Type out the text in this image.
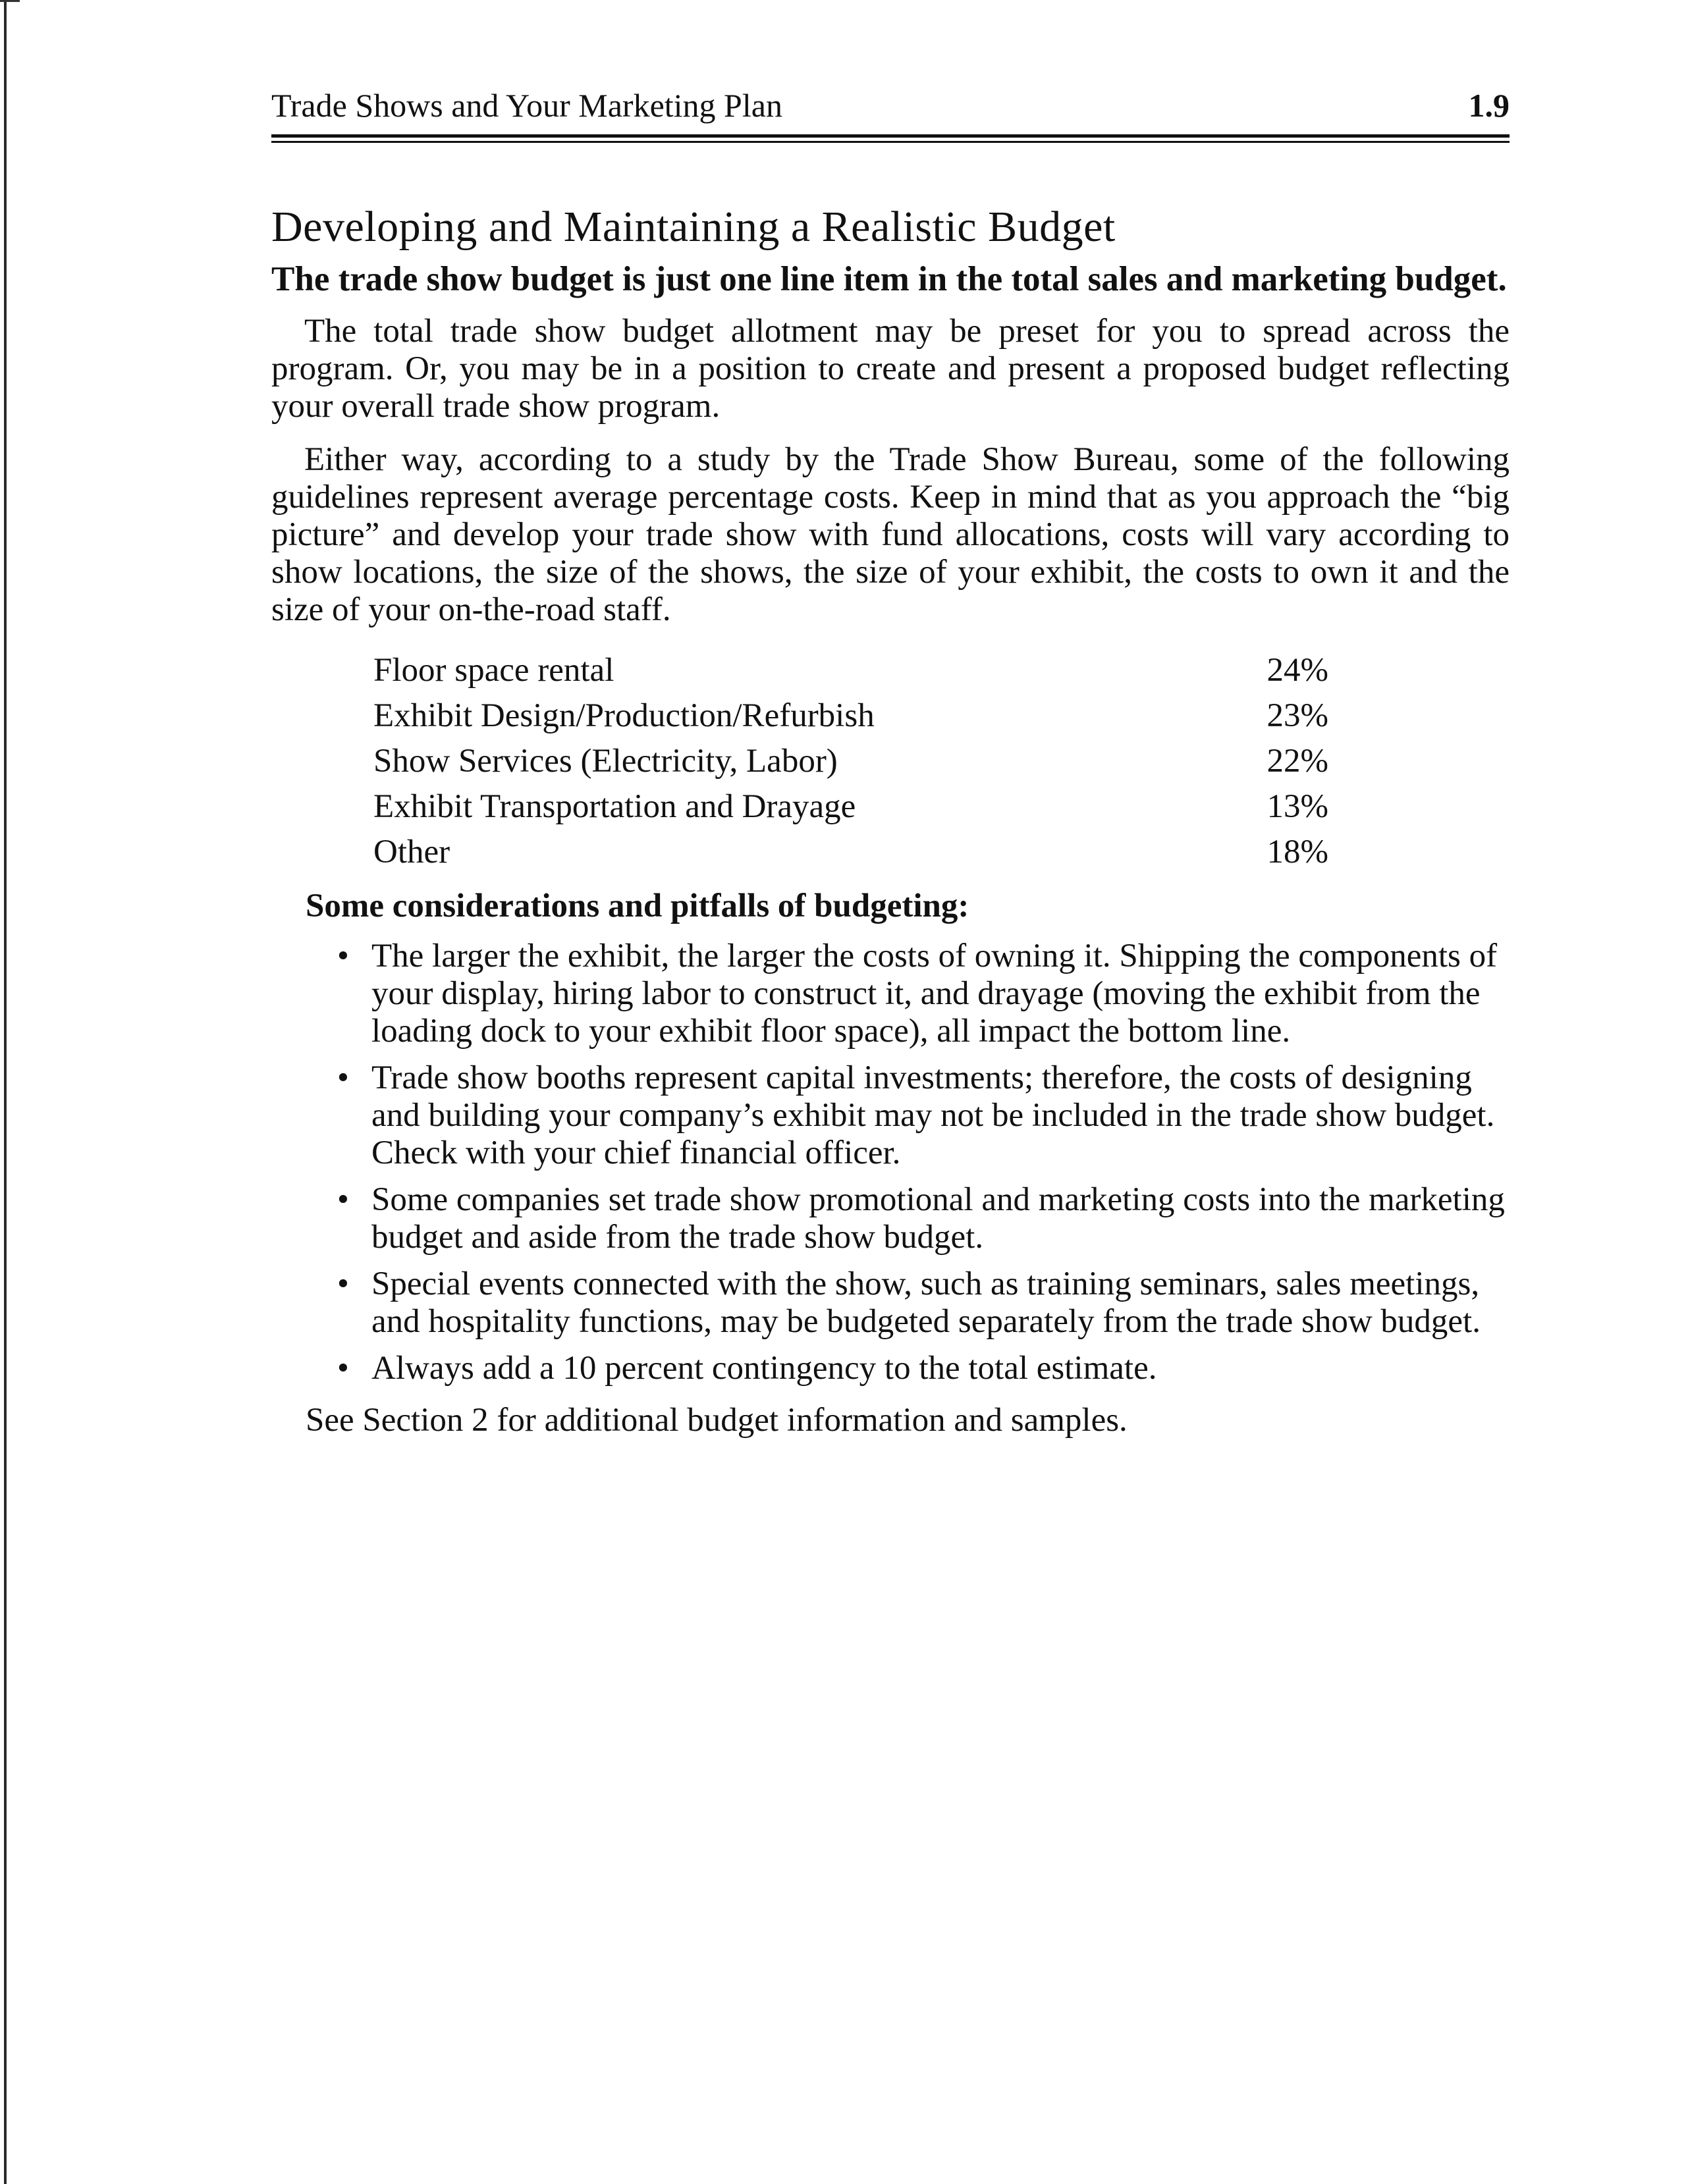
Trade Shows and Your Marketing Plan	1.9
Developing and Maintaining a Realistic Budget

The trade show budget is just one line item in the total sales and marketing budget.

The total trade show budget allotment may be preset for you to spread across the program. Or, you may be in a position to create and present a proposed budget reflecting your overall trade show program.

Either way, according to a study by the Trade Show Bureau, some of the following guidelines represent average percentage costs. Keep in mind that as you approach the “big picture” and develop your trade show with fund allocations, costs will vary according to show locations, the size of the shows, the size of your exhibit, the costs to own it and the size of your on-the-road staff.

Floor space rental	24%
Exhibit Design/Production/Refurbish	23%
Show Services (Electricity, Labor)	22%
Exhibit Transportation and Drayage	13%
Other	18%
Some considerations and pitfalls of budgeting:
• The larger the exhibit, the larger the costs of owning it. Shipping the components of your display, hiring labor to construct it, and drayage (moving the exhibit from the loading dock to your exhibit floor space), all impact the bottom line.
• Trade show booths represent capital investments; therefore, the costs of designing and building your company’s exhibit may not be included in the trade show budget. Check with your chief financial officer.
• Some companies set trade show promotional and marketing costs into the marketing budget and aside from the trade show budget.
• Special events connected with the show, such as training seminars, sales meetings, and hospitality functions, may be budgeted separately from the trade show budget.
• Always add a 10 percent contingency to the total estimate.
See Section 2 for additional budget information and samples.
